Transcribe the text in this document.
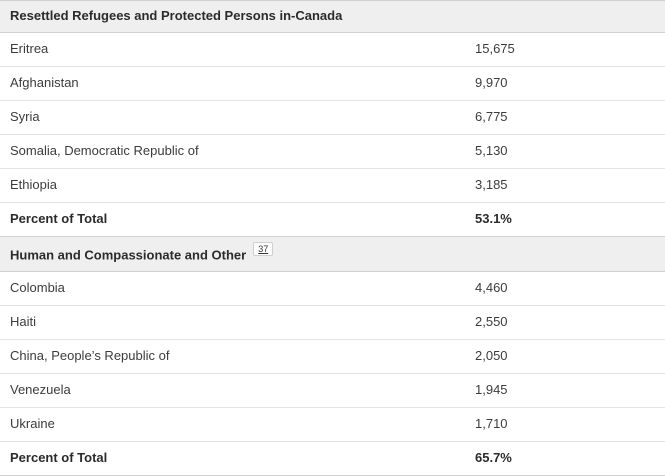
Resettled Refugees and Protected Persons in-Canada	
Eritrea	15,675
Afghanistan	9,970
Syria	6,775
Somalia, Democratic Republic of	5,130
Ethiopia	3,185
Percent of Total	53.1%
Human and Compassionate and Other 37	
Colombia	4,460
Haiti	2,550
China, People’s Republic of	2,050
Venezuela	1,945
Ukraine	1,710
Percent of Total	65.7%
